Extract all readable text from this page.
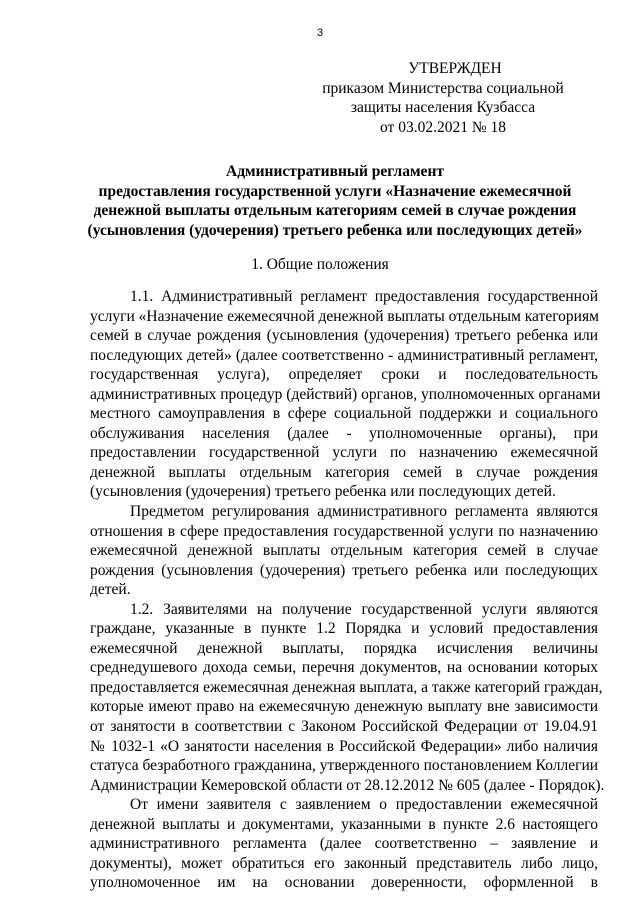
3
УТВЕРЖДЕН
приказом Министерства социальной
защиты населения Кузбасса
от 03.02.2021 № 18
Административный регламент
предоставления государственной услуги «Назначение ежемесячной
денежной выплаты отдельным категориям семей в случае рождения
(усыновления (удочерения) третьего ребенка или последующих детей»
1. Общие положения
1.1. Административный регламент предоставления государственной
услуги «Назначение ежемесячной денежной выплаты отдельным категориям
семей в случае рождения (усыновления (удочерения) третьего ребенка или
последующих детей» (далее соответственно - административный регламент,
государственная услуга), определяет сроки и последовательность
административных процедур (действий) органов, уполномоченных органами
местного самоуправления в сфере социальной поддержки и социального
обслуживания населения (далее - уполномоченные органы), при
предоставлении государственной услуги по назначению ежемесячной
денежной выплаты отдельным категория семей в случае рождения
(усыновления (удочерения) третьего ребенка или последующих детей.
Предметом регулирования административного регламента являются
отношения в сфере предоставления государственной услуги по назначению
ежемесячной денежной выплаты отдельным категория семей в случае
рождения (усыновления (удочерения) третьего ребенка или последующих
детей.
1.2. Заявителями на получение государственной услуги являются
граждане, указанные в пункте 1.2 Порядка и условий предоставления
ежемесячной денежной выплаты, порядка исчисления величины
среднедушевого дохода семьи, перечня документов, на основании которых
предоставляется ежемесячная денежная выплата, а также категорий граждан,
которые имеют право на ежемесячную денежную выплату вне зависимости
от занятости в соответствии с Законом Российской Федерации от 19.04.91
№ 1032-1 «О занятости населения в Российской Федерации» либо наличия
статуса безработного гражданина, утвержденного постановлением Коллегии
Администрации Кемеровской области от 28.12.2012 № 605 (далее - Порядок).
От имени заявителя с заявлением о предоставлении ежемесячной
денежной выплаты и документами, указанными в пункте 2.6 настоящего
административного регламента (далее соответственно – заявление и
документы), может обратиться его законный представитель либо лицо,
уполномоченное им на основании доверенности, оформленной в
